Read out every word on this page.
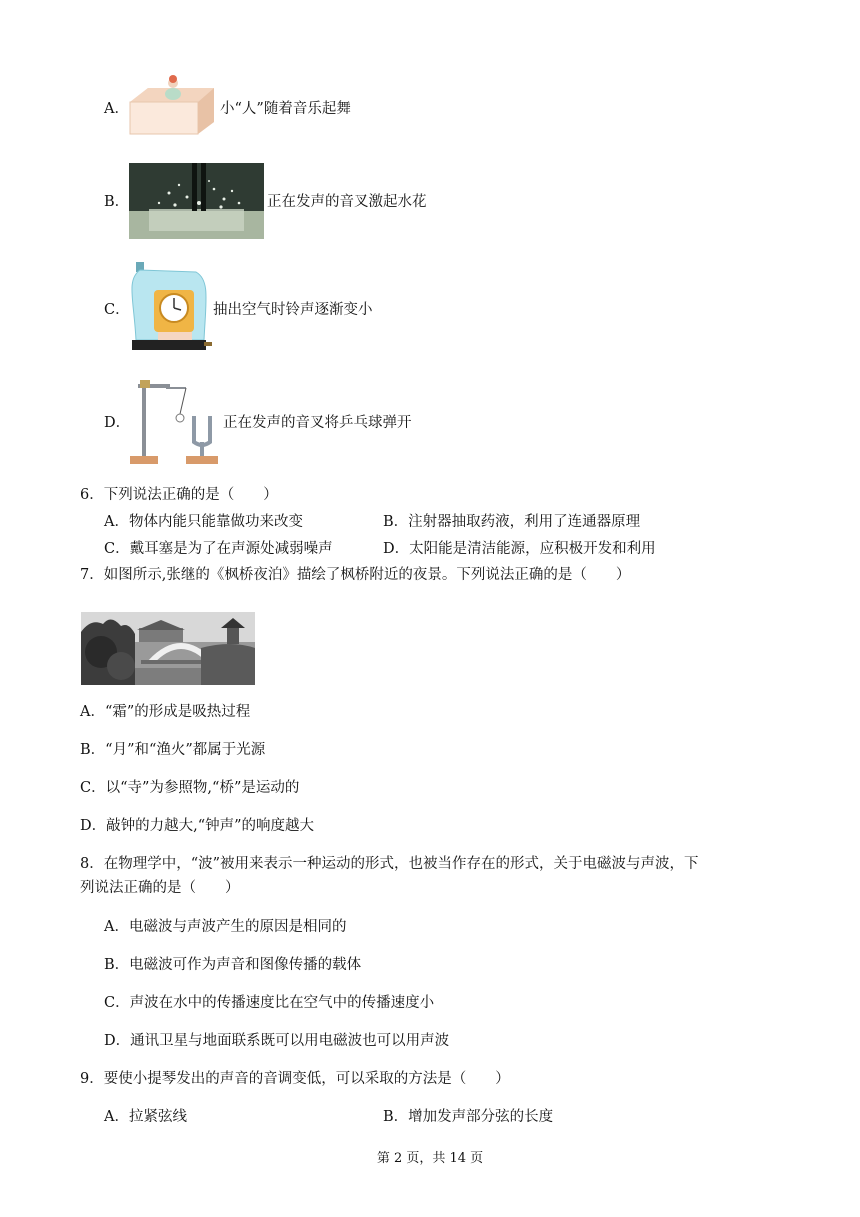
A．	小“人”随着音乐起舞
B．	正在发声的音叉激起水花
C．	抽出空气时铃声逐渐变小
D．	正在发声的音叉将乒乓球弹开
6．下列说法正确的是（　　）
A．物体内能只能靠做功来改变	B．注射器抽取药液，利用了连通器原理
C．戴耳塞是为了在声源处减弱噪声	D．太阳能是清洁能源，应积极开发和利用
7．如图所示,张继的《枫桥夜泊》描绘了枫桥附近的夜景。下列说法正确的是（　　）
A．“霜”的形成是吸热过程
B．“月”和“渔火”都属于光源
C．以“寺”为参照物,“桥”是运动的
D．敲钟的力越大,“钟声”的响度越大
8．在物理学中，“波”被用来表示一种运动的形式，也被当作存在的形式，关于电磁波与声波，下
列说法正确的是（　　）
A．电磁波与声波产生的原因是相同的
B．电磁波可作为声音和图像传播的载体
C．声波在水中的传播速度比在空气中的传播速度小
D．通讯卫星与地面联系既可以用电磁波也可以用声波
9．要使小提琴发出的声音的音调变低，可以采取的方法是（　　）
A．拉紧弦线	B．增加发声部分弦的长度
第 2 页，共 14 页
